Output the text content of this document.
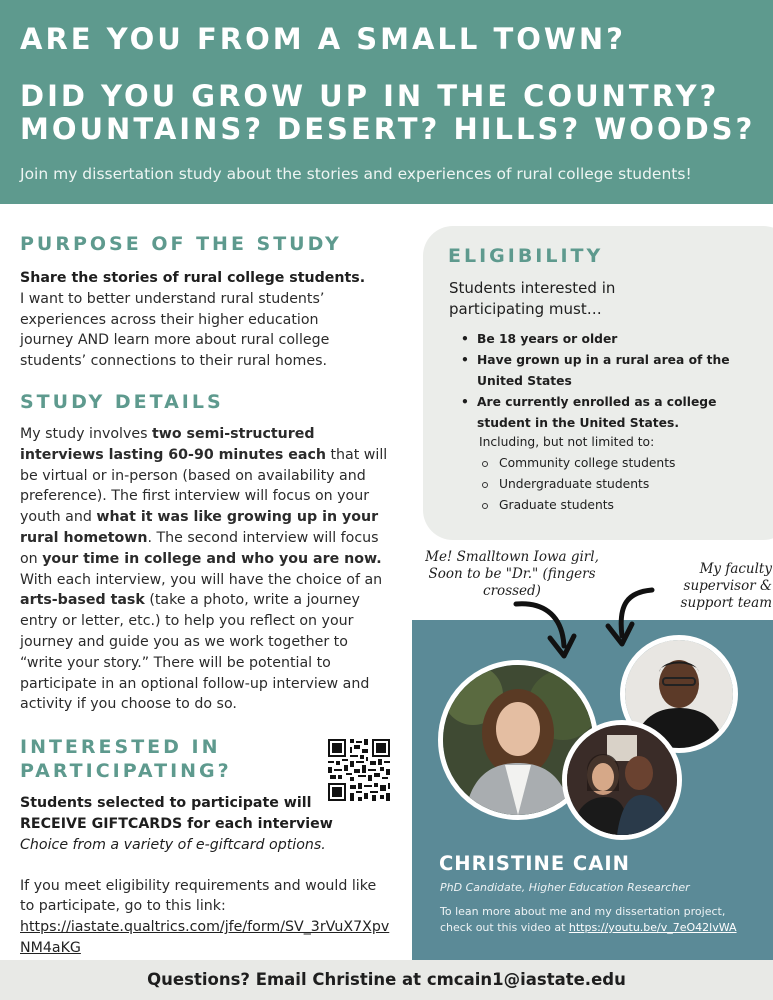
ARE YOU FROM A SMALL TOWN?
DID YOU GROW UP IN THE COUNTRY?
MOUNTAINS? DESERT? HILLS? WOODS?
Join my dissertation study about the stories and experiences of rural college students!
PURPOSE OF THE STUDY
Share the stories of rural college students.
I want to better understand rural students’ experiences across their higher education journey AND learn more about rural college students’ connections to their rural homes.
STUDY DETAILS
My study involves two semi-structured interviews lasting 60-90 minutes each that will be virtual or in-person (based on availability and preference). The first interview will focus on your youth and what it was like growing up in your rural hometown. The second interview will focus on your time in college and who you are now. With each interview, you will have the choice of an arts-based task (take a photo, write a journey entry or letter, etc.) to help you reflect on your journey and guide you as we work together to “write your story.” There will be potential to participate in an optional follow-up interview and activity if you choose to do so.
INTERESTED IN
PARTICIPATING?
Students selected to participate will RECEIVE GIFTCARDS for each interview
Choice from a variety of e-giftcard options.
If you meet eligibility requirements and would like to participate, go to this link:
https://iastate.qualtrics.com/jfe/form/SV_3rVuX7XpvNM4aKG
ELIGIBILITY
Students interested in participating must…
• Be 18 years or older
• Have grown up in a rural area of the United States
• Are currently enrolled as a college student in the United States.
Including, but not limited to:
Community college students
Undergraduate students
Graduate students
Me! Smalltown Iowa girl, Soon to be "Dr." (fingers crossed)
My faculty supervisor & support team
CHRISTINE CAIN
PhD Candidate, Higher Education Researcher
To lean more about me and my dissertation project, check out this video at https://youtu.be/v_7eO42lvWA
Questions? Email Christine at cmcain1@iastate.edu
